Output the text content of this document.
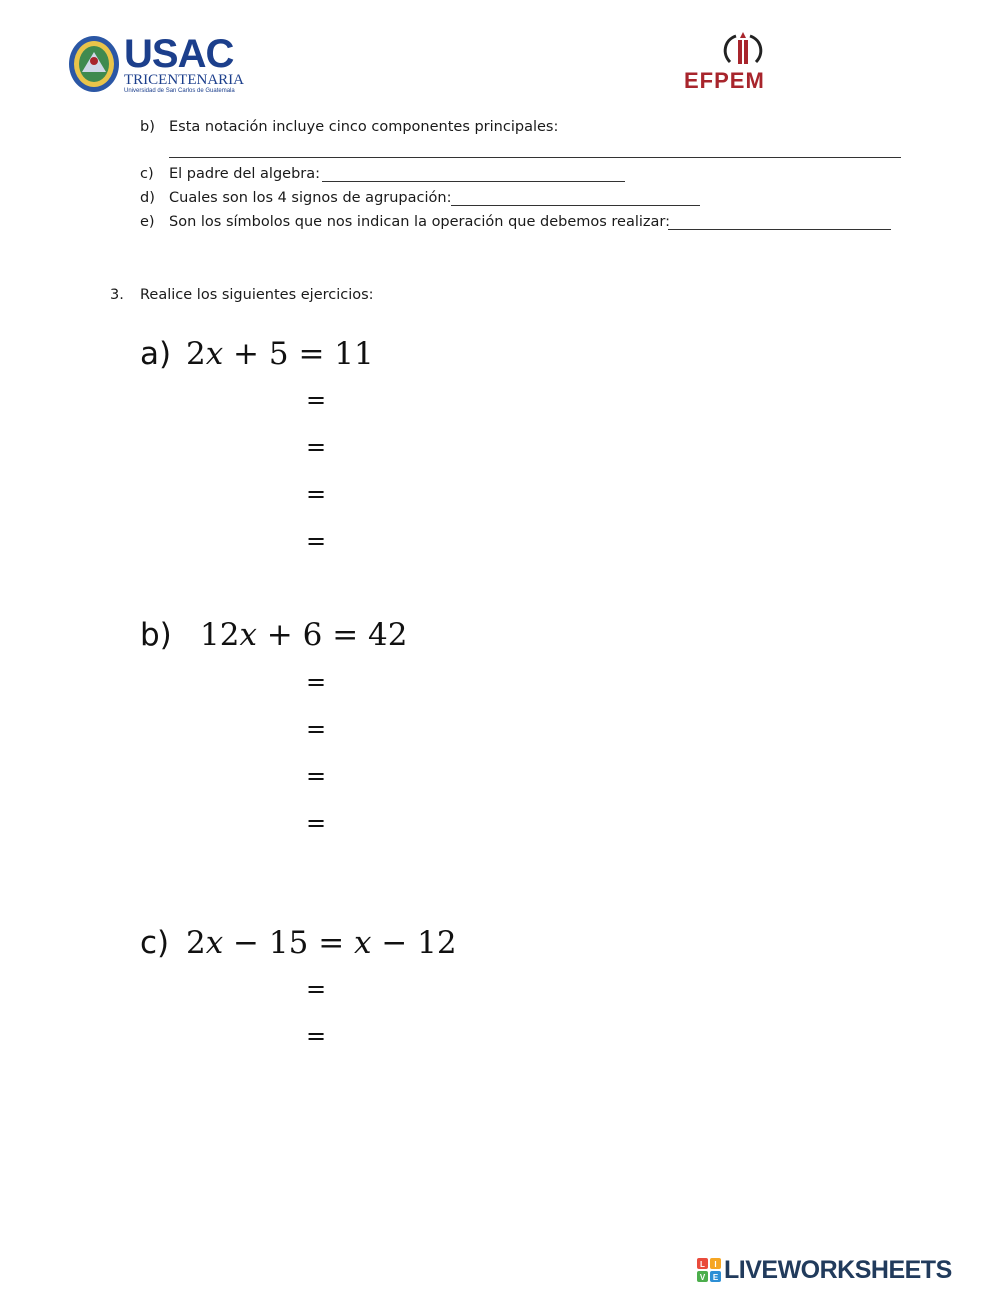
USAC
TRICENTENARIA
Universidad de San Carlos de Guatemala	EFPEM
b) Esta notación incluye cinco componentes principales:
c) El padre del algebra:
d) Cuales son los 4 signos de agrupación:
e) Son los símbolos que nos indican la operación que debemos realizar:
3. Realice los siguientes ejercicios:
a) 2𝑥 + 5 = 11
=
=
=
=
b) 12𝑥 + 6 = 42
=
=
=
=
c) 2𝑥 − 15 = 𝑥 − 12
=
=
L I
V E LIVEWORKSHEETS
